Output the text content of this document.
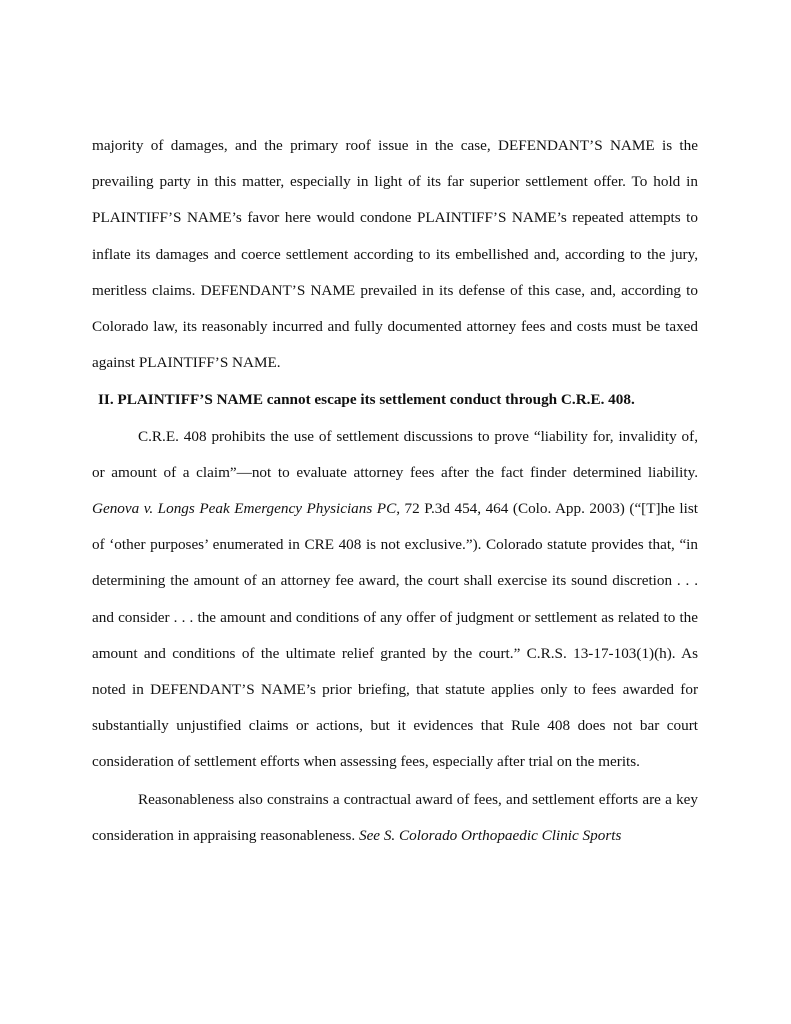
majority of damages, and the primary roof issue in the case, DEFENDANT’S NAME is the prevailing party in this matter, especially in light of its far superior settlement offer. To hold in PLAINTIFF’S NAME’s favor here would condone PLAINTIFF’S NAME’s repeated attempts to inflate its damages and coerce settlement according to its embellished and, according to the jury, meritless claims. DEFENDANT’S NAME prevailed in its defense of this case, and, according to Colorado law, its reasonably incurred and fully documented attorney fees and costs must be taxed against PLAINTIFF’S NAME.

II. PLAINTIFF’S NAME cannot escape its settlement conduct through C.R.E. 408.

C.R.E. 408 prohibits the use of settlement discussions to prove “liability for, invalidity of, or amount of a claim”—not to evaluate attorney fees after the fact finder determined liability. Genova v. Longs Peak Emergency Physicians PC, 72 P.3d 454, 464 (Colo. App. 2003) (“[T]he list of ‘other purposes’ enumerated in CRE 408 is not exclusive.”). Colorado statute provides that, “in determining the amount of an attorney fee award, the court shall exercise its sound discretion . . . and consider . . . the amount and conditions of any offer of judgment or settlement as related to the amount and conditions of the ultimate relief granted by the court.” C.R.S. 13-17-103(1)(h). As noted in DEFENDANT’S NAME’s prior briefing, that statute applies only to fees awarded for substantially unjustified claims or actions, but it evidences that Rule 408 does not bar court consideration of settlement efforts when assessing fees, especially after trial on the merits.

Reasonableness also constrains a contractual award of fees, and settlement efforts are a key consideration in appraising reasonableness. See S. Colorado Orthopaedic Clinic Sports
